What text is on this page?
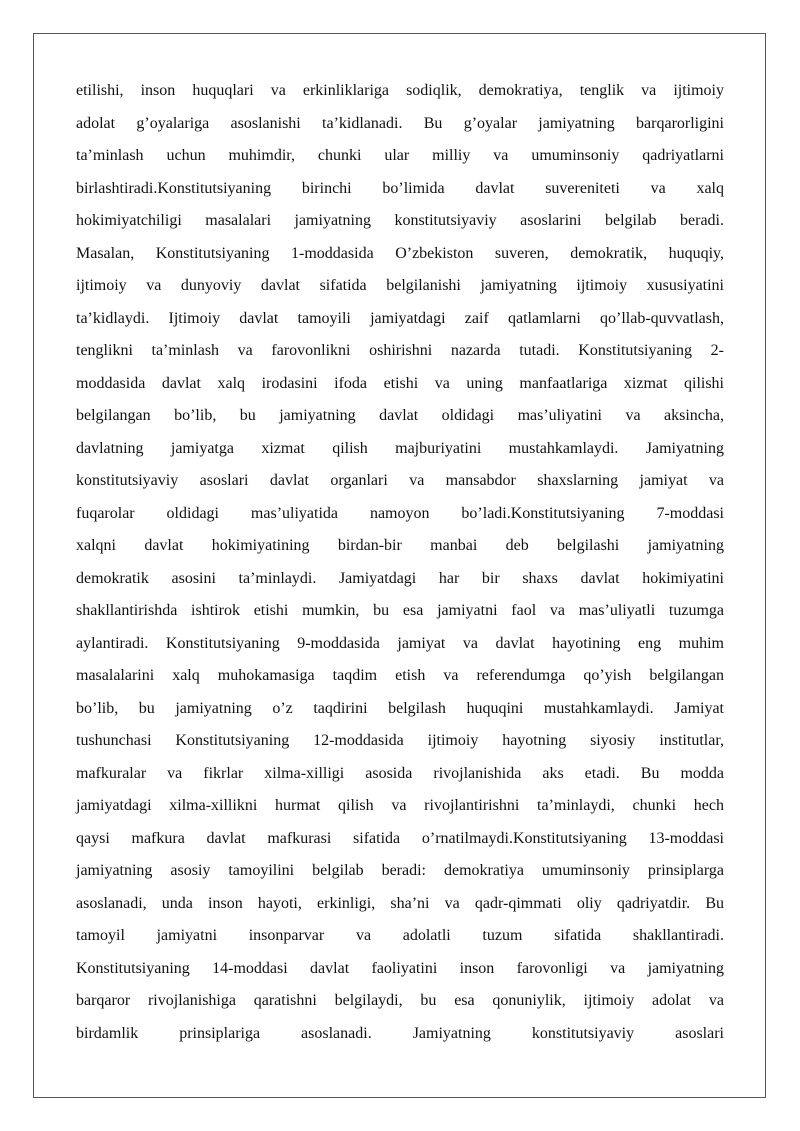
etilishi, inson huquqlari va erkinliklariga sodiqlik, demokratiya, tenglik va ijtimoiy
adolat g’oyalariga asoslanishi ta’kidlanadi. Bu g’oyalar jamiyatning barqarorligini
ta’minlash uchun muhimdir, chunki ular milliy va umuminsoniy qadriyatlarni
birlashtiradi.Konstitutsiyaning birinchi bo’limida davlat suvereniteti va xalq
hokimiyatchiligi masalalari jamiyatning konstitutsiyaviy asoslarini belgilab beradi.
Masalan, Konstitutsiyaning 1-moddasida O’zbekiston suveren, demokratik, huquqiy,
ijtimoiy va dunyoviy davlat sifatida belgilanishi jamiyatning ijtimoiy xususiyatini
ta’kidlaydi. Ijtimoiy davlat tamoyili jamiyatdagi zaif qatlamlarni qo’llab-quvvatlash,
tenglikni ta’minlash va farovonlikni oshirishni nazarda tutadi. Konstitutsiyaning 2-
moddasida davlat xalq irodasini ifoda etishi va uning manfaatlariga xizmat qilishi
belgilangan bo’lib, bu jamiyatning davlat oldidagi mas’uliyatini va aksincha,
davlatning jamiyatga xizmat qilish majburiyatini mustahkamlaydi. Jamiyatning
konstitutsiyaviy asoslari davlat organlari va mansabdor shaxslarning jamiyat va
fuqarolar oldidagi mas’uliyatida namoyon bo’ladi.Konstitutsiyaning 7-moddasi
xalqni davlat hokimiyatining birdan-bir manbai deb belgilashi jamiyatning
demokratik asosini ta’minlaydi. Jamiyatdagi har bir shaxs davlat hokimiyatini
shakllantirishda ishtirok etishi mumkin, bu esa jamiyatni faol va mas’uliyatli tuzumga
aylantiradi. Konstitutsiyaning 9-moddasida jamiyat va davlat hayotining eng muhim
masalalarini xalq muhokamasiga taqdim etish va referendumga qo’yish belgilangan
bo’lib, bu jamiyatning o’z taqdirini belgilash huquqini mustahkamlaydi. Jamiyat
tushunchasi Konstitutsiyaning 12-moddasida ijtimoiy hayotning siyosiy institutlar,
mafkuralar va fikrlar xilma-xilligi asosida rivojlanishida aks etadi. Bu modda
jamiyatdagi xilma-xillikni hurmat qilish va rivojlantirishni ta’minlaydi, chunki hech
qaysi mafkura davlat mafkurasi sifatida o’rnatilmaydi.Konstitutsiyaning 13-moddasi
jamiyatning asosiy tamoyilini belgilab beradi: demokratiya umuminsoniy prinsiplarga
asoslanadi, unda inson hayoti, erkinligi, sha’ni va qadr-qimmati oliy qadriyatdir. Bu
tamoyil jamiyatni insonparvar va adolatli tuzum sifatida shakllantiradi.
Konstitutsiyaning 14-moddasi davlat faoliyatini inson farovonligi va jamiyatning
barqaror rivojlanishiga qaratishni belgilaydi, bu esa qonuniylik, ijtimoiy adolat va
birdamlik prinsiplariga asoslanadi. Jamiyatning konstitutsiyaviy asoslari
